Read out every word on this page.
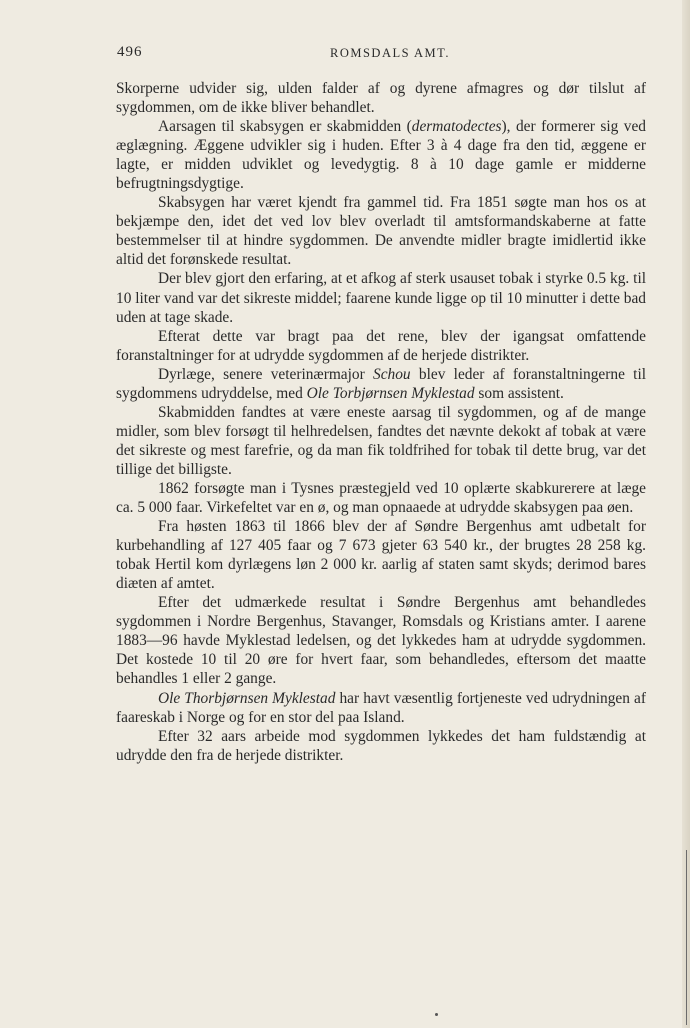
496	ROMSDALS AMT.

Skorperne udvider sig, ulden falder af og dyrene afmagres og dør tilslut af sygdommen, om de ikke bliver behandlet.

Aarsagen til skabsygen er skabmidden (dermatodectes), der formerer sig ved æglægning. Æggene udvikler sig i huden. Efter 3 à 4 dage fra den tid, æggene er lagte, er midden udviklet og levedygtig. 8 à 10 dage gamle er midderne befrugtningsdygtige.

Skabsygen har været kjendt fra gammel tid. Fra 1851 søgte man hos os at bekjæmpe den, idet det ved lov blev overladt til amtsformandskaberne at fatte bestemmelser til at hindre sygdommen. De anvendte midler bragte imidlertid ikke altid det forønskede resultat.

Der blev gjort den erfaring, at et afkog af sterk usauset tobak i styrke 0.5 kg. til 10 liter vand var det sikreste middel; faarene kunde ligge op til 10 minutter i dette bad uden at tage skade.

Efterat dette var bragt paa det rene, blev der igangsat omfattende foranstaltninger for at udrydde sygdommen af de herjede distrikter.

Dyrlæge, senere veterinærmajor Schou blev leder af foranstaltningerne til sygdommens udryddelse, med Ole Torbjørnsen Myklestad som assistent.

Skabmidden fandtes at være eneste aarsag til sygdommen, og af de mange midler, som blev forsøgt til helhredelsen, fandtes det nævnte dekokt af tobak at være det sikreste og mest farefrie, og da man fik toldfrihed for tobak til dette brug, var det tillige det billigste.

1862 forsøgte man i Tysnes præstegjeld ved 10 oplærte skabkurerere at læge ca. 5 000 faar. Virkefeltet var en ø, og man opnaaede at udrydde skabsygen paa øen.

Fra høsten 1863 til 1866 blev der af Søndre Bergenhus amt udbetalt for kurbehandling af 127 405 faar og 7 673 gjeter 63 540 kr., der brugtes 28 258 kg. tobak Hertil kom dyrlægens løn 2 000 kr. aarlig af staten samt skyds; derimod bares diæten af amtet.

Efter det udmærkede resultat i Søndre Bergenhus amt behandledes sygdommen i Nordre Bergenhus, Stavanger, Romsdals og Kristians amter. I aarene 1883—96 havde Myklestad ledelsen, og det lykkedes ham at udrydde sygdommen. Det kostede 10 til 20 øre for hvert faar, som behandledes, eftersom det maatte behandles 1 eller 2 gange.

Ole Thorbjørnsen Myklestad har havt væsentlig fortjeneste ved udrydningen af faareskab i Norge og for en stor del paa Island.

Efter 32 aars arbeide mod sygdommen lykkedes det ham fuldstændig at udrydde den fra de herjede distrikter.
